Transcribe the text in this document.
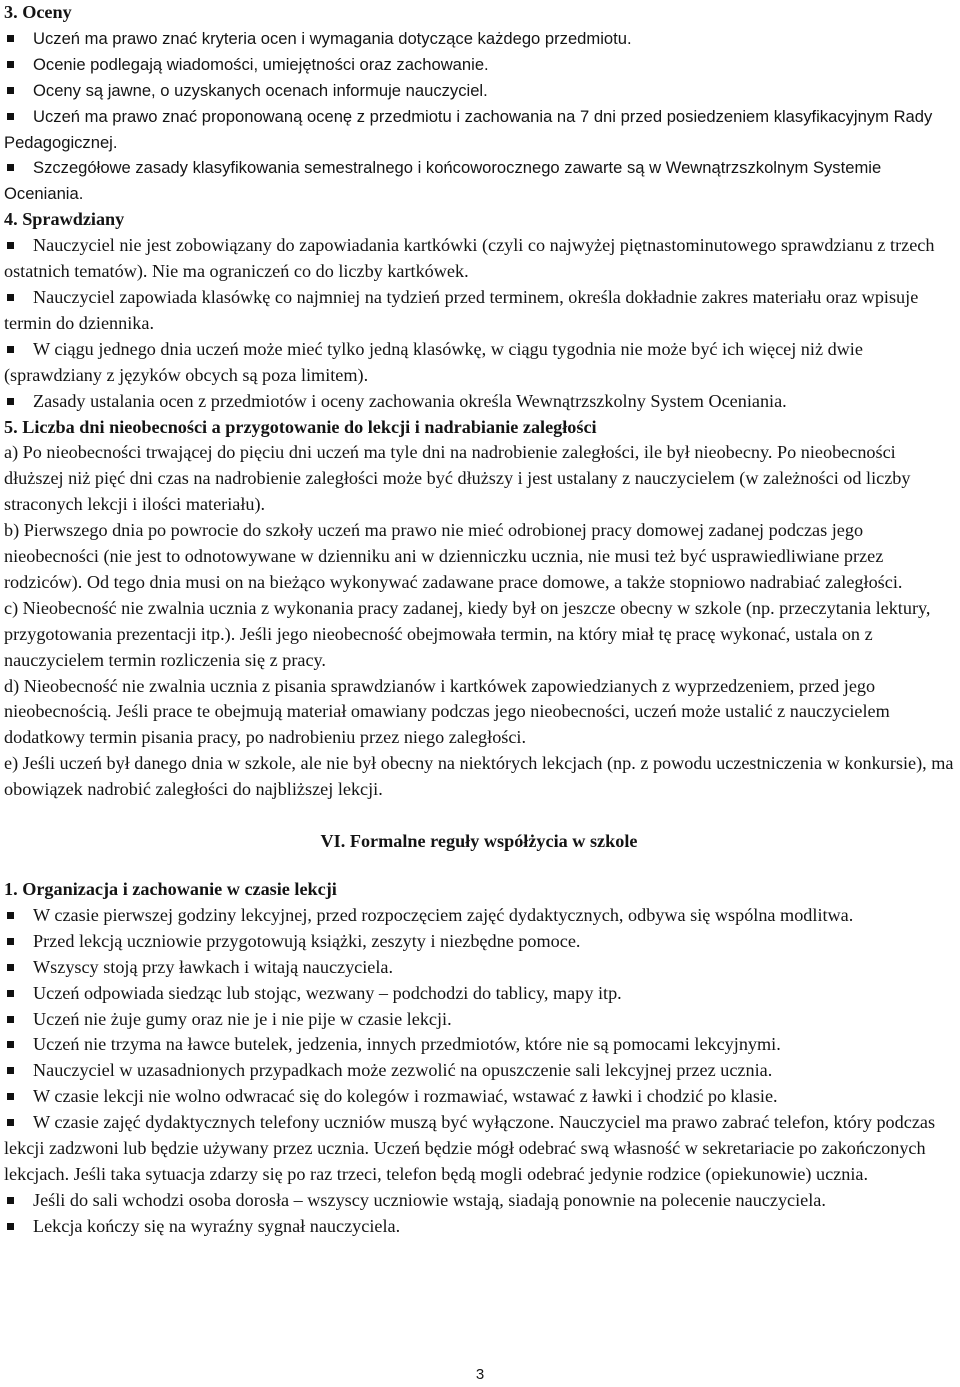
3. Oceny
Uczeń ma prawo znać kryteria ocen i wymagania dotyczące każdego przedmiotu.
Ocenie podlegają wiadomości, umiejętności oraz zachowanie.
Oceny są jawne, o uzyskanych ocenach informuje nauczyciel.
Uczeń ma prawo znać proponowaną ocenę z przedmiotu i zachowania na 7 dni przed posiedzeniem klasyfikacyjnym Rady Pedagogicznej.
Szczegółowe zasady klasyfikowania semestralnego i końcoworocznego zawarte są w Wewnątrzszkolnym Systemie Oceniania.
4. Sprawdziany
Nauczyciel nie jest zobowiązany do zapowiadania kartkówki (czyli co najwyżej piętnastominutowego sprawdzianu z trzech ostatnich tematów). Nie ma ograniczeń co do liczby kartkówek.
Nauczyciel zapowiada klasówkę co najmniej na tydzień przed terminem, określa dokładnie zakres materiału oraz wpisuje termin do dziennika.
W ciągu jednego dnia uczeń może mieć tylko jedną klasówkę, w ciągu tygodnia nie może być ich więcej niż dwie (sprawdziany z języków obcych są poza limitem).
Zasady ustalania ocen z przedmiotów i oceny zachowania określa Wewnątrzszkolny System Oceniania.
5. Liczba dni nieobecności a przygotowanie do lekcji i nadrabianie zaległości
a) Po nieobecności trwającej do pięciu dni uczeń ma tyle dni na nadrobienie zaległości, ile był nieobecny. Po nieobecności dłuższej niż pięć dni czas na nadrobienie zaległości może być dłuższy i jest ustalany z nauczycielem (w zależności od liczby straconych lekcji i ilości materiału).
b) Pierwszego dnia po powrocie do szkoły uczeń ma prawo nie mieć odrobionej pracy domowej zadanej podczas jego nieobecności (nie jest to odnotowywane w dzienniku ani w dzienniczku ucznia, nie musi też być usprawiedliwiane przez rodziców). Od tego dnia musi on na bieżąco wykonywać zadawane prace domowe, a także stopniowo nadrabiać zaległości.
c) Nieobecność nie zwalnia ucznia z wykonania pracy zadanej, kiedy był on jeszcze obecny w szkole (np. przeczytania lektury, przygotowania prezentacji itp.). Jeśli jego nieobecność obejmowała termin, na który miał tę pracę wykonać, ustala on z nauczycielem termin rozliczenia się z pracy.
d) Nieobecność nie zwalnia ucznia z pisania sprawdzianów i kartkówek zapowiedzianych z wyprzedzeniem, przed jego nieobecnością. Jeśli prace te obejmują materiał omawiany podczas jego nieobecności, uczeń może ustalić z nauczycielem dodatkowy termin pisania pracy, po nadrobieniu przez niego zaległości.
e) Jeśli uczeń był danego dnia w szkole, ale nie był obecny na niektórych lekcjach (np. z powodu uczestniczenia w konkursie), ma obowiązek nadrobić zaległości do najbliższej lekcji.
VI. Formalne reguły współżycia w szkole
1. Organizacja i zachowanie w czasie lekcji
W czasie pierwszej godziny lekcyjnej, przed rozpoczęciem zajęć dydaktycznych, odbywa się wspólna modlitwa.
Przed lekcją uczniowie przygotowują książki, zeszyty i niezbędne pomoce.
Wszyscy stoją przy ławkach i witają nauczyciela.
Uczeń odpowiada siedząc lub stojąc, wezwany – podchodzi do tablicy, mapy itp.
Uczeń nie żuje gumy oraz nie je i nie pije w czasie lekcji.
Uczeń nie trzyma na ławce butelek, jedzenia, innych przedmiotów, które nie są pomocami lekcyjnymi.
Nauczyciel w uzasadnionych przypadkach może zezwolić na opuszczenie sali lekcyjnej przez ucznia.
W czasie lekcji nie wolno odwracać się do kolegów i rozmawiać, wstawać z ławki i chodzić po klasie.
W czasie zajęć dydaktycznych telefony uczniów muszą być wyłączone. Nauczyciel ma prawo zabrać telefon, który podczas lekcji zadzwoni lub będzie używany przez ucznia. Uczeń będzie mógł odebrać swą własność w sekretariacie po zakończonych lekcjach. Jeśli taka sytuacja zdarzy się po raz trzeci, telefon będą mogli odebrać jedynie rodzice (opiekunowie) ucznia.
Jeśli do sali wchodzi osoba dorosła – wszyscy uczniowie wstają, siadają ponownie na polecenie nauczyciela.
Lekcja kończy się na wyraźny sygnał nauczyciela.
3
